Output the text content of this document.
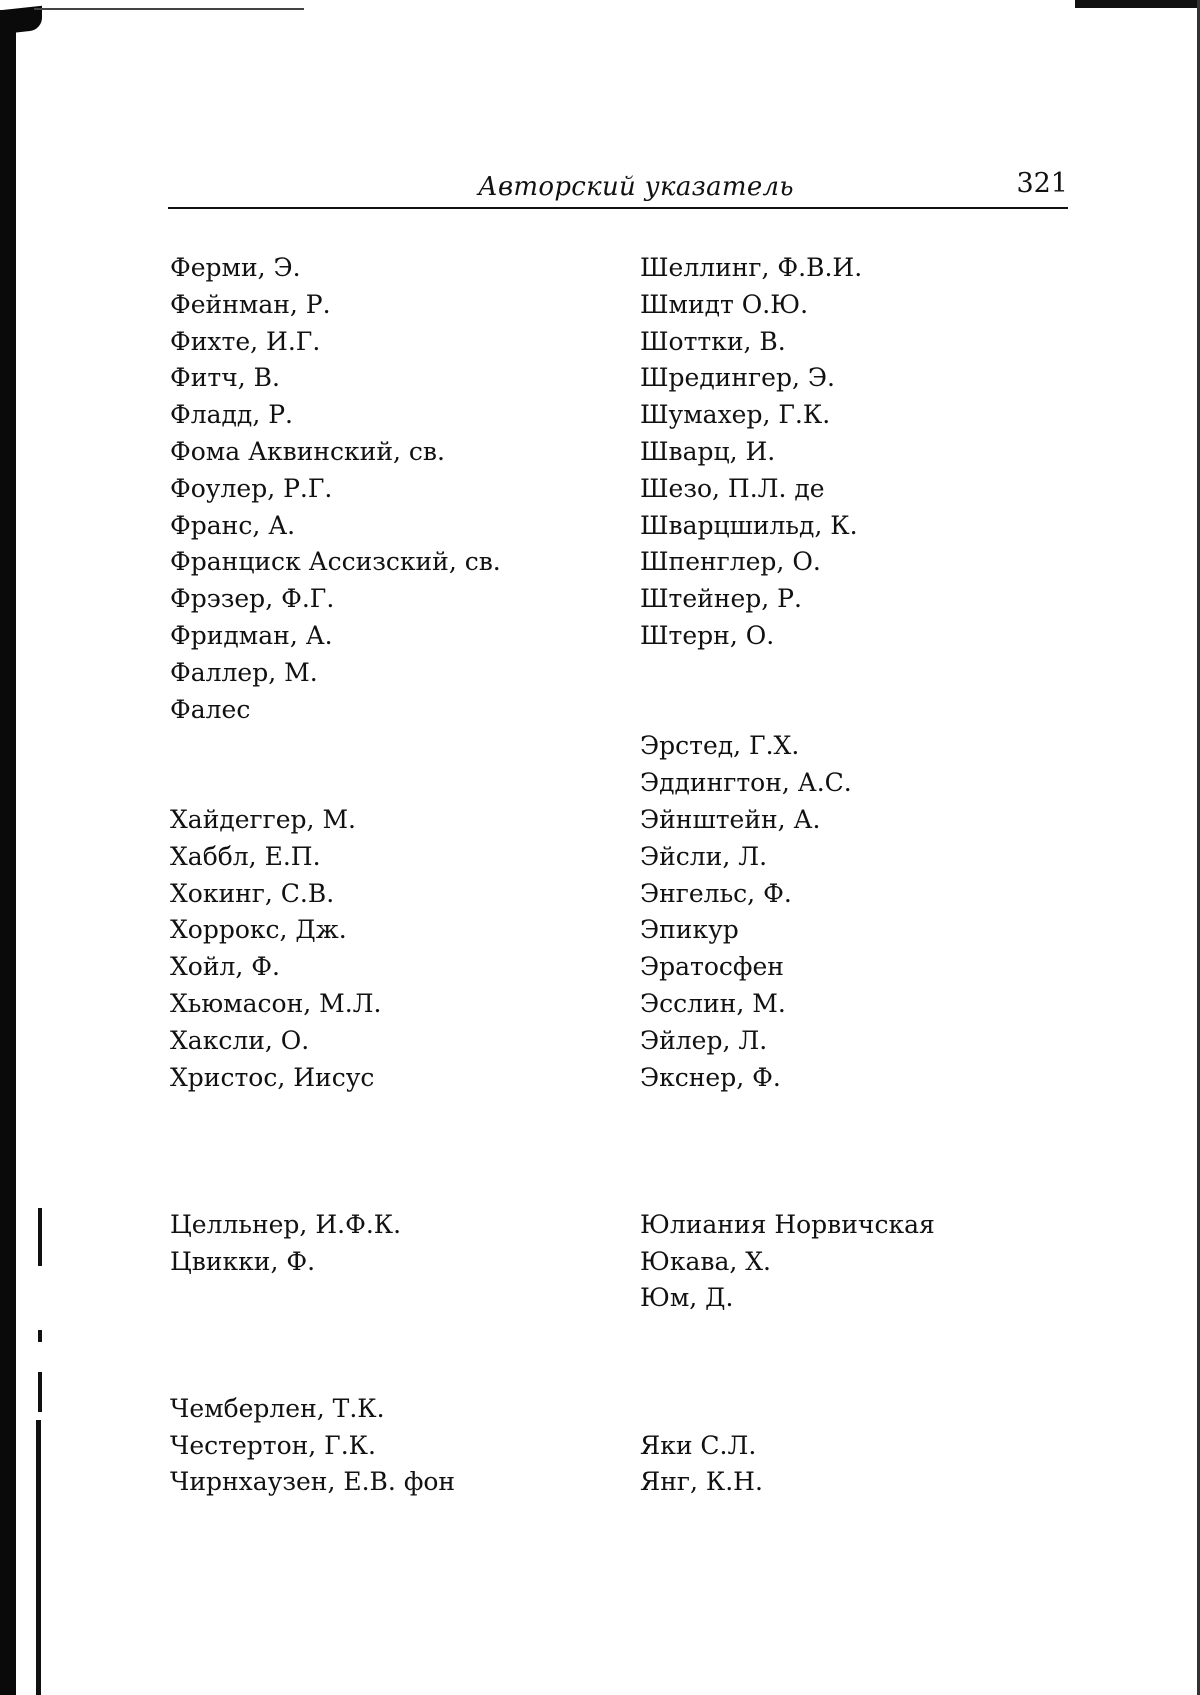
Авторский указатель	321
Ферми, Э.
Фейнман, Р.
Фихте, И.Г.
Фитч, В.
Фладд, Р.
Фома Аквинский, св.
Фоулер, Р.Г.
Франс, А.
Франциск Ассизский, св.
Фрэзер, Ф.Г.
Фридман, А.
Фаллер, М.
Фалес
Хайдеггер, М.
Хаббл, Е.П.
Хокинг, С.В.
Хоррокс, Дж.
Хойл, Ф.
Хьюмасон, М.Л.
Хаксли, О.
Христос, Иисус
Целльнер, И.Ф.К.
Цвикки, Ф.
Чемберлен, Т.К.
Честертон, Г.К.
Чирнхаузен, Е.В. фон
Шеллинг, Ф.В.И.
Шмидт О.Ю.
Шоттки, В.
Шредингер, Э.
Шумахер, Г.К.
Шварц, И.
Шезо, П.Л. де
Шварцшильд, К.
Шпенглер, О.
Штейнер, Р.
Штерн, О.
Эрстед, Г.Х.
Эддингтон, А.С.
Эйнштейн, А.
Эйсли, Л.
Энгельс, Ф.
Эпикур
Эратосфен
Эсслин, М.
Эйлер, Л.
Экснер, Ф.
Юлиания Норвичская
Юкава, Х.
Юм, Д.
Яки С.Л.
Янг, К.Н.
